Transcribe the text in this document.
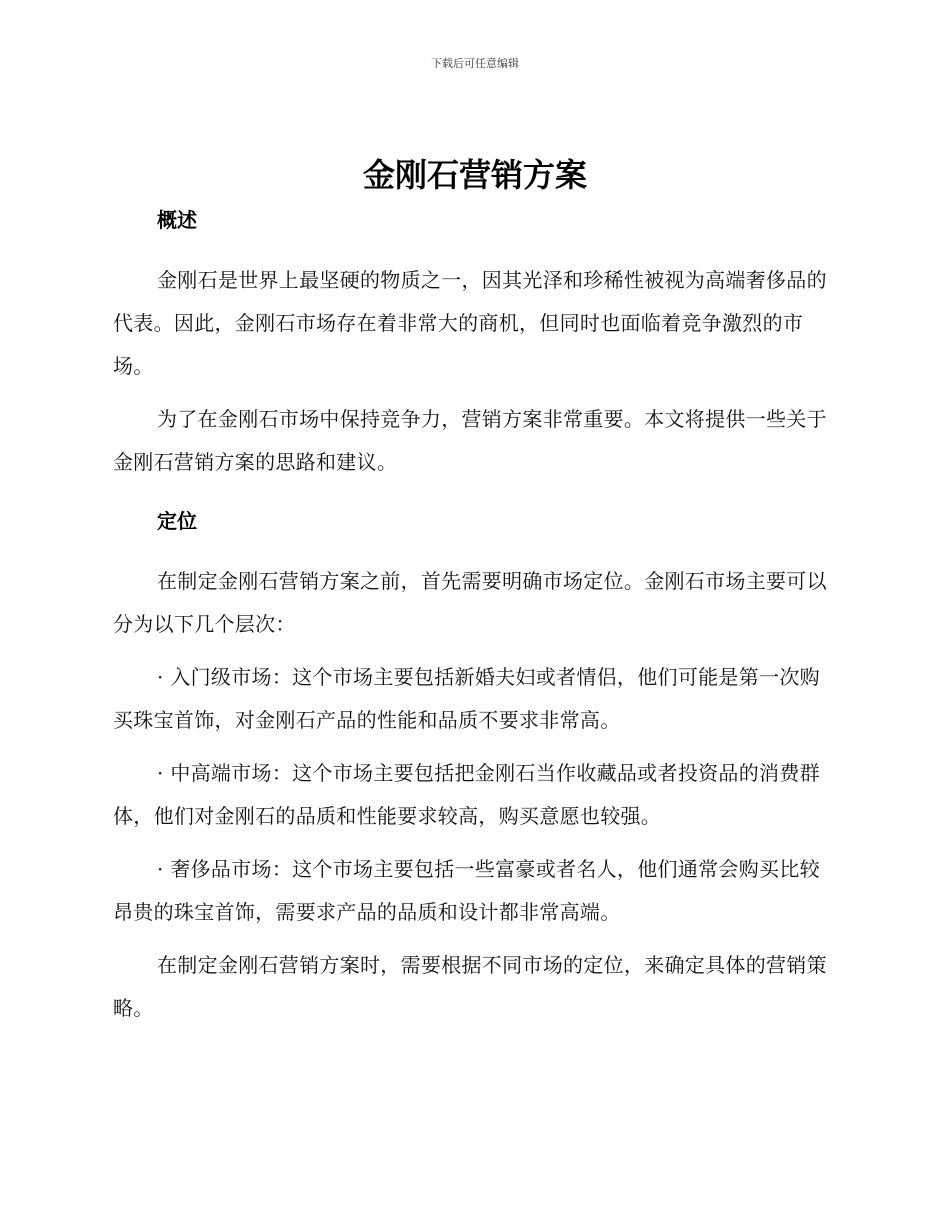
下载后可任意编辑
金刚石营销方案
概述

金刚石是世界上最坚硬的物质之一，因其光泽和珍稀性被视为高端奢侈品的代表。因此，金刚石市场存在着非常大的商机，但同时也面临着竞争激烈的市场。

为了在金刚石市场中保持竞争力，营销方案非常重要。本文将提供一些关于金刚石营销方案的思路和建议。

定位

在制定金刚石营销方案之前，首先需要明确市场定位。金刚石市场主要可以分为以下几个层次：

· 入门级市场：这个市场主要包括新婚夫妇或者情侣，他们可能是第一次购买珠宝首饰，对金刚石产品的性能和品质不要求非常高。

· 中高端市场：这个市场主要包括把金刚石当作收藏品或者投资品的消费群体，他们对金刚石的品质和性能要求较高，购买意愿也较强。

· 奢侈品市场：这个市场主要包括一些富豪或者名人，他们通常会购买比较昂贵的珠宝首饰，需要求产品的品质和设计都非常高端。

在制定金刚石营销方案时，需要根据不同市场的定位，来确定具体的营销策略。
